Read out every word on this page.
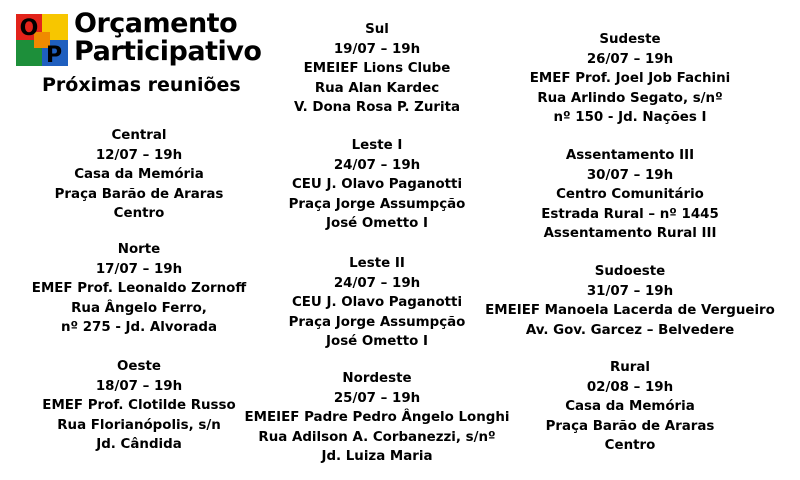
O
P
Orçamento
Participativo
Próximas reuniões
Central
12/07 – 19h
Casa da Memória
Praça Barão de Araras
Centro
Norte
17/07 – 19h
EMEF Prof. Leonaldo Zornoff
Rua Ângelo Ferro,
nº 275 - Jd. Alvorada
Oeste
18/07 – 19h
EMEF Prof. Clotilde Russo
Rua Florianópolis, s/n
Jd. Cândida
Sul
19/07 – 19h
EMEIEF Lions Clube
Rua Alan Kardec
V. Dona Rosa P. Zurita
Leste I
24/07 – 19h
CEU J. Olavo Paganotti
Praça Jorge Assumpção
José Ometto I
Leste II
24/07 – 19h
CEU J. Olavo Paganotti
Praça Jorge Assumpção
José Ometto I
Nordeste
25/07 – 19h
EMEIEF Padre Pedro Ângelo Longhi
Rua Adilson A. Corbanezzi, s/nº
Jd. Luiza Maria
Sudeste
26/07 – 19h
EMEF Prof. Joel Job Fachini
Rua Arlindo Segato, s/nº
nº 150 - Jd. Nações I
Assentamento III
30/07 – 19h
Centro Comunitário
Estrada Rural – nº 1445
Assentamento Rural III
Sudoeste
31/07 – 19h
EMEIEF Manoela Lacerda de Vergueiro
Av. Gov. Garcez – Belvedere
Rural
02/08 – 19h
Casa da Memória
Praça Barão de Araras
Centro
